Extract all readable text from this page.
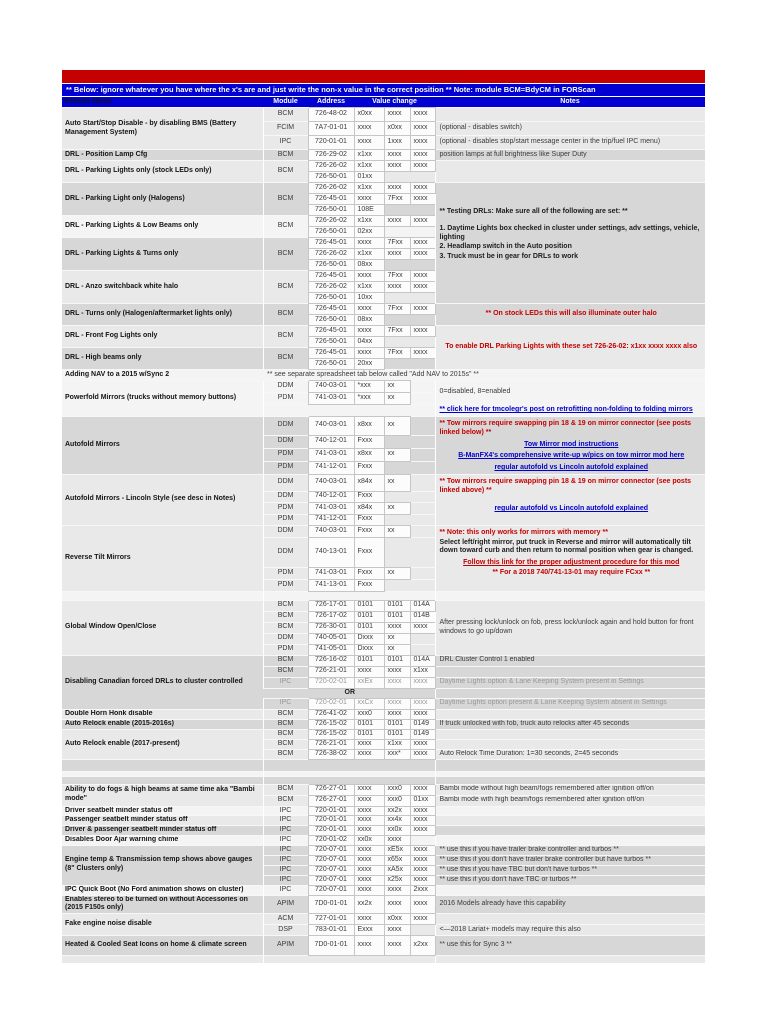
Last Revised: 9/27/19 These features are not currently possible: operating cameras/spot light/ACC at any speed
** Below: ignore whatever you have where the x's are and just write the non-x value in the correct position ** Note: module BCM=BdyCM in FORScan
Feature Name	Module	Address	Value change			Notes
Auto Start/Stop Disable - by disabling BMS (Battery Management System)	BCM	726-48-02	x0xx	xxxx	xxxx	
	FCIM	7A7-01-01	xxxx	x0xx	xxxx	(optional - disables switch)
	IPC	720-01-01	xxxx	1xxx	xxxx	(optional - disables stop/start message center in the trip/fuel IPC menu)
DRL - Position Lamp Cfg	BCM	726-29-02	x1xx	xxxx	xxxx	position lamps at full brightness like Super Duty
DRL - Parking Lights only (stock LEDs only)	BCM	726-26-02	x1xx	xxxx	xxxx	
		726-50-01	01xx			
DRL - Parking Light only (Halogens)	BCM	726-26-02	x1xx	xxxx	xxxx	** Testing DRLs: Make sure all of the following are set: **
1. Daytime Lights box checked in cluster under settings, adv settings, vehicle, lighting
2. Headlamp switch in the Auto position
3. Truck must be in gear for DRLs to work

		726-45-01	xxxx	7Fxx	xxxx	
		726-50-01	108E			
DRL - Parking Lights & Low Beams only	BCM	726-26-02	x1xx	xxxx	xxxx	
		726-50-01	02xx			
DRL - Parking Lights & Turns only	BCM	726-45-01	xxxx	7Fxx	xxxx	
		726-26-02	x1xx	xxxx	xxxx	
		726-50-01	08xx			
DRL - Anzo switchback white halo	BCM	726-45-01	xxxx	7Fxx	xxxx	
		726-26-02	x1xx	xxxx	xxxx	
		726-50-01	10xx			
DRL - Turns only (Halogen/aftermarket lights only)	BCM	726-45-01	xxxx	7Fxx	xxxx	** On stock LEDs this will also illuminate outer halo
		726-50-01	08xx			
DRL - Front Fog Lights only	BCM	726-45-01	xxxx	7Fxx	xxxx	To enable DRL Parking Lights with these set 726-26-02: x1xx xxxx xxxx also
		726-50-01	04xx			
DRL - High beams only	BCM	726-45-01	xxxx	7Fxx	xxxx	
		726-50-01	20xx			
Adding NAV to a 2015 w/Sync 2	** see separate spreadsheet tab below called "Add NAV to 2015s" **					
Powerfold Mirrors (trucks without memory buttons)	DDM	740-03-01	*xxx	xx		0=disabled, 8=enabled
	PDM	741-03-01	*xxx	xx		
						** click here for tmcolegr's post on retrofitting non-folding to folding mirrors
Autofold Mirrors	DDM	740-03-01	x8xx	xx		** Tow mirrors require swapping pin 18 & 19 on mirror connector (see posts linked below) **
Tow Mirror mod instructions
B-ManFX4's comprehensive write-up w/pics on tow mirror mod here
regular autofold vs Lincoln autofold explained

	DDM	740-12-01	Fxxx			
	PDM	741-03-01	x8xx	xx		
	PDM	741-12-01	Fxxx			
Autofold Mirrors - Lincoln Style (see desc in Notes)	DDM	740-03-01	x84x	xx		** Tow mirrors require swapping pin 18 & 19 on mirror connector (see posts linked above) **
regular autofold vs Lincoln autofold explained

	DDM	740-12-01	Fxxx			
	PDM	741-03-01	x84x	xx		
	PDM	741-12-01	Fxxx			
Reverse Tilt Mirrors	DDM	740-03-01	Fxxx	xx		** Note: this only works for mirrors with memory **
Select left/right mirror, put truck in Reverse and mirror will automatically tilt down toward curb and then return to normal position when gear is changed.
Follow this link for the proper adjustment procedure for this mod
** For a 2018 740/741-13-01 may require FCxx **

	DDM	740-13-01	Fxxx			
	PDM	741-03-01	Fxxx	xx		
	PDM	741-13-01	Fxxx			

Global Window Open/Close	BCM	726-17-01	0101	0101	014A	After pressing lock/unlock on fob, press lock/unlock again and hold button for front windows to go up/down
	BCM	726-17-02	0101	0101	014B	
	BCM	726-30-01	0101	xxxx	xxxx	
	DDM	740-05-01	Dxxx	xx		
	PDM	741-05-01	Dxxx	xx		
Disabling Canadian forced DRLs to cluster controlled	BCM	726-16-02	0101	0101	014A	DRL Cluster Control 1 enabled
	BCM	726-21-01	xxxx	xxxx	x1xx	
	IPC	720-02-01	xxEx	xxxx	xxxx	Daytime Lights option & Lane Keeping System present in Settings
	OR					
	IPC	720-02-01	xxCx	xxxx	xxxx	Daytime Lights option present & Lane Keeping System absent in Settings
Double Horn Honk disable	BCM	726-41-02	xxx0	xxxx	xxxx	
Auto Relock enable (2015-2016s)	BCM	726-15-02	0101	0101	0149	If truck unlocked with fob, truck auto relocks after 45 seconds
Auto Relock enable (2017-present)	BCM	726-15-02	0101	0101	0149	
	BCM	726-21-01	xxxx	x1xx	xxxx	
	BCM	726-38-02	xxxx	xxx*	xxxx	Auto Relock Time Duration: 1=30 seconds, 2=45 seconds

Ability to do fogs & high beams at same time aka "Bambi mode"	BCM	726-27-01	xxxx	xxx0	xxxx	Bambi mode without high beam/fogs remembered after ignition off/on
	BCM	726-27-01	xxxx	xxx0	01xx	Bambi mode with high beam/fogs remembered after ignition off/on
Driver seatbelt minder status off	IPC	720-01-01	xxxx	xx2x	xxxx	
Passenger seatbelt minder status off	IPC	720-01-01	xxxx	xx4x	xxxx	
Driver & passenger seatbelt minder status off	IPC	720-01-01	xxxx	xx0x	xxxx	
Disables Door Ajar warning chime	IPC	720-01-02	xx0x	xxxx		
Engine temp & Transmission temp shows above gauges (8" Clusters only)	IPC	720-07-01	xxxx	xE5x	xxxx	** use this if you have trailer brake controller and turbos **
	IPC	720-07-01	xxxx	x65x	xxxx	** use this if you don't have trailer brake controller but have turbos **
	IPC	720-07-01	xxxx	xA5x	xxxx	** use this if you have TBC but don't have turbos **
	IPC	720-07-01	xxxx	x25x	xxxx	** use this if you don't have TBC or turbos **
IPC Quick Boot (No Ford animation shows on cluster)	IPC	720-07-01	xxxx	xxxx	2xxx	
Enables stereo to be turned on without Accessories on (2015 F150s only)	APIM	7D0-01-01	xx2x	xxxx	xxxx	2016 Models already have this capability
Fake engine noise disable	ACM	727-01-01	xxxx	x0xx	xxxx	
	DSP	783-01-01	Exxx	xxxx		<—2018 Lariat+ models may require this also
Heated & Cooled Seat Icons on home & climate screen	APIM	7D0-01-01	xxxx	xxxx	x2xx	** use this for Sync 3 **
